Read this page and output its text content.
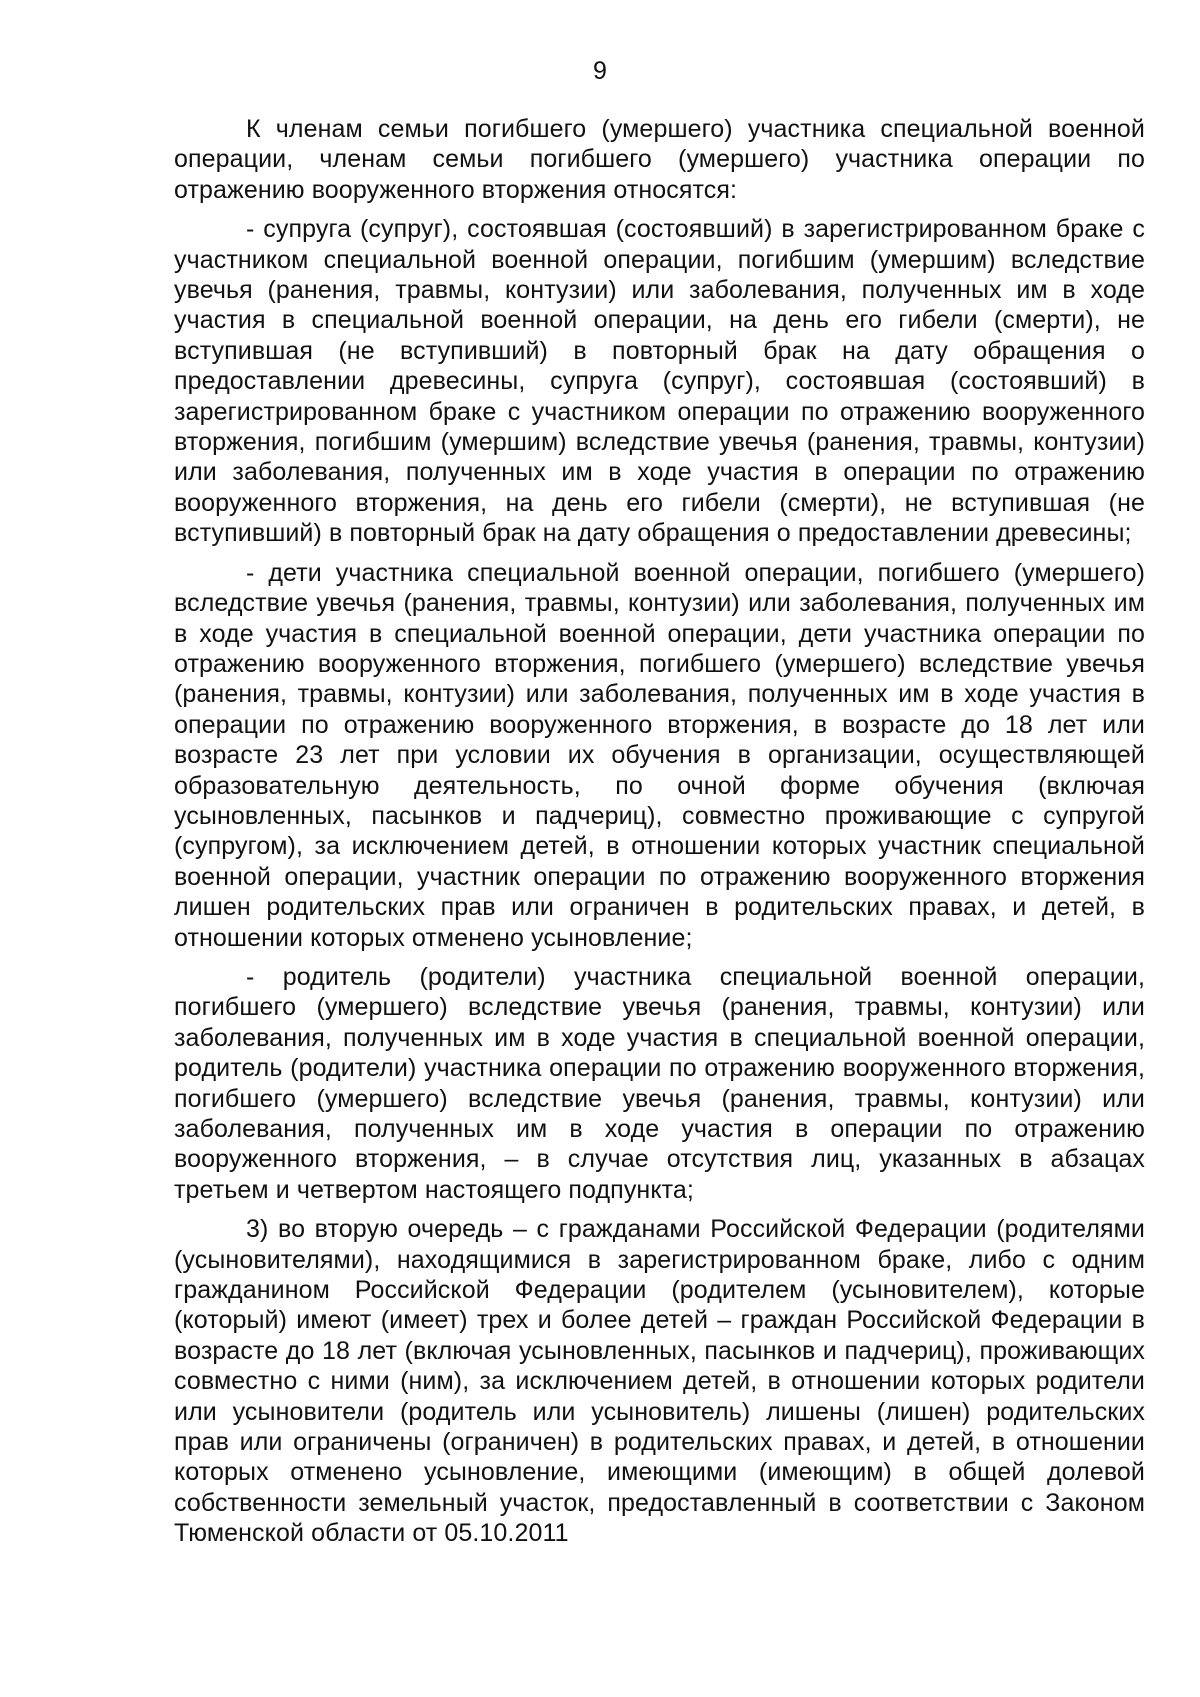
9

К членам семьи погибшего (умершего) участника специальной военной операции, членам семьи погибшего (умершего) участника операции по отражению вооруженного вторжения относятся:

- супруга (супруг), состоявшая (состоявший) в зарегистрированном браке с участником специальной военной операции, погибшим (умершим) вследствие увечья (ранения, травмы, контузии) или заболевания, полученных им в ходе участия в специальной военной операции, на день его гибели (смерти), не вступившая (не вступивший) в повторный брак на дату обращения о предоставлении древесины, супруга (супруг), состоявшая (состоявший) в зарегистрированном браке с участником операции по отражению вооруженного вторжения, погибшим (умершим) вследствие увечья (ранения, травмы, контузии) или заболевания, полученных им в ходе участия в операции по отражению вооруженного вторжения, на день его гибели (смерти), не вступившая (не вступивший) в повторный брак на дату обращения о предоставлении древесины;

- дети участника специальной военной операции, погибшего (умершего) вследствие увечья (ранения, травмы, контузии) или заболевания, полученных им в ходе участия в специальной военной операции, дети участника операции по отражению вооруженного вторжения, погибшего (умершего) вследствие увечья (ранения, травмы, контузии) или заболевания, полученных им в ходе участия в операции по отражению вооруженного вторжения, в возрасте до 18 лет или возрасте 23 лет при условии их обучения в организации, осуществляющей образовательную деятельность, по очной форме обучения (включая усыновленных, пасынков и падчериц), совместно проживающие с супругой (супругом), за исключением детей, в отношении которых участник специальной военной операции, участник операции по отражению вооруженного вторжения лишен родительских прав или ограничен в родительских правах, и детей, в отношении которых отменено усыновление;

- родитель (родители) участника специальной военной операции, погибшего (умершего) вследствие увечья (ранения, травмы, контузии) или заболевания, полученных им в ходе участия в специальной военной операции, родитель (родители) участника операции по отражению вооруженного вторжения, погибшего (умершего) вследствие увечья (ранения, травмы, контузии) или заболевания, полученных им в ходе участия в операции по отражению вооруженного вторжения, – в случае отсутствия лиц, указанных в абзацах третьем и четвертом настоящего подпункта;

3) во вторую очередь – с гражданами Российской Федерации (родителями (усыновителями), находящимися в зарегистрированном браке, либо с одним гражданином Российской Федерации (родителем (усыновителем), которые (который) имеют (имеет) трех и более детей – граждан Российской Федерации в возрасте до 18 лет (включая усыновленных, пасынков и падчериц), проживающих совместно с ними (ним), за исключением детей, в отношении которых родители или усыновители (родитель или усыновитель) лишены (лишен) родительских прав или ограничены (ограничен) в родительских правах, и детей, в отношении которых отменено усыновление, имеющими (имеющим) в общей долевой собственности земельный участок, предоставленный в соответствии с Законом Тюменской области от 05.10.2011
